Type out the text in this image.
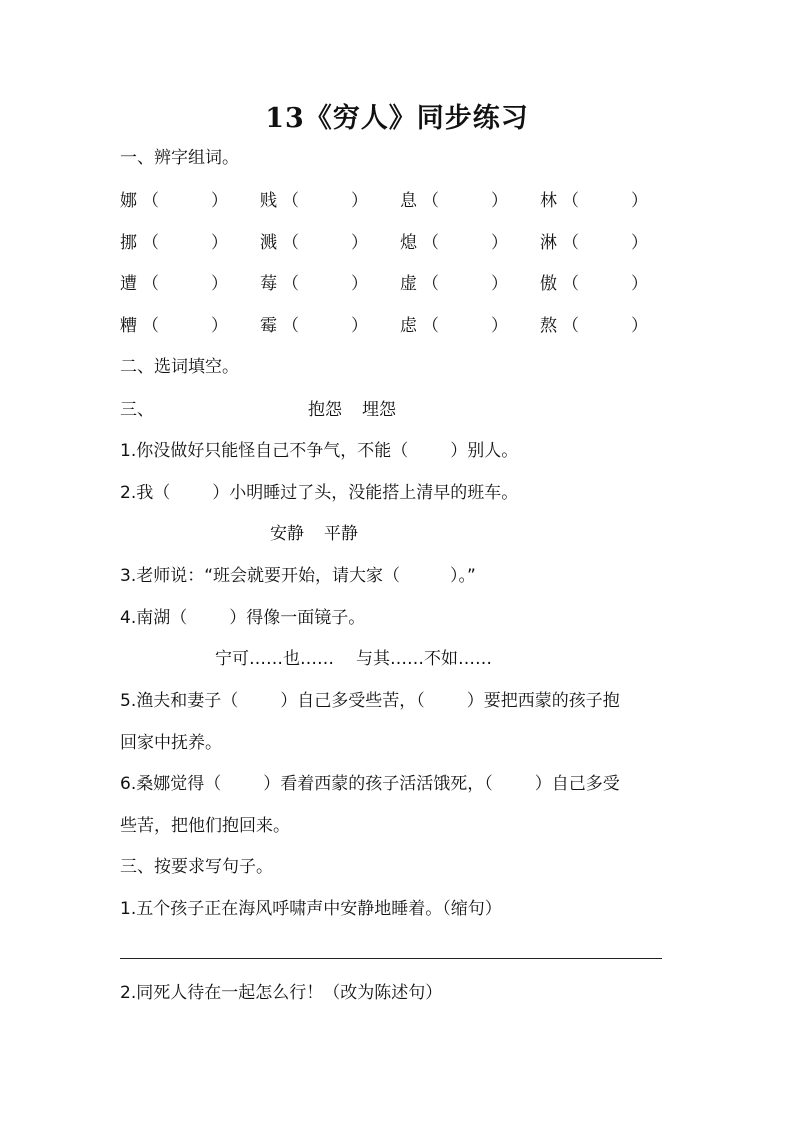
13《穷人》同步练习
一、辨字组词。
娜 （	） 贱 （	） 息 （	） 林 （	）
挪 （	） 溅 （	） 熄 （	） 淋 （	）
遭 （	） 莓 （	） 虚 （	） 傲 （	）
糟 （	） 霉 （	） 虑 （	） 熬 （	）
二、选词填空。
三、	抱怨 埋怨
1.你没做好只能怪自己不争气，不能（ ）别人。
2.我（ ）小明睡过了头，没能搭上清早的班车。
安静 平静
3.老师说：“班会就要开始，请大家（	）。”
4.南湖（ ）得像一面镜子。
宁可……也…… 与其……不如……
5.渔夫和妻子（ ）自己多受些苦，（ ）要把西蒙的孩子抱
回家中抚养。
6.桑娜觉得（ ）看着西蒙的孩子活活饿死，（ ）自己多受
些苦，把他们抱回来。
三、按要求写句子。
1.五个孩子正在海风呼啸声中安静地睡着。（缩句）
2.同死人待在一起怎么行！（改为陈述句）
